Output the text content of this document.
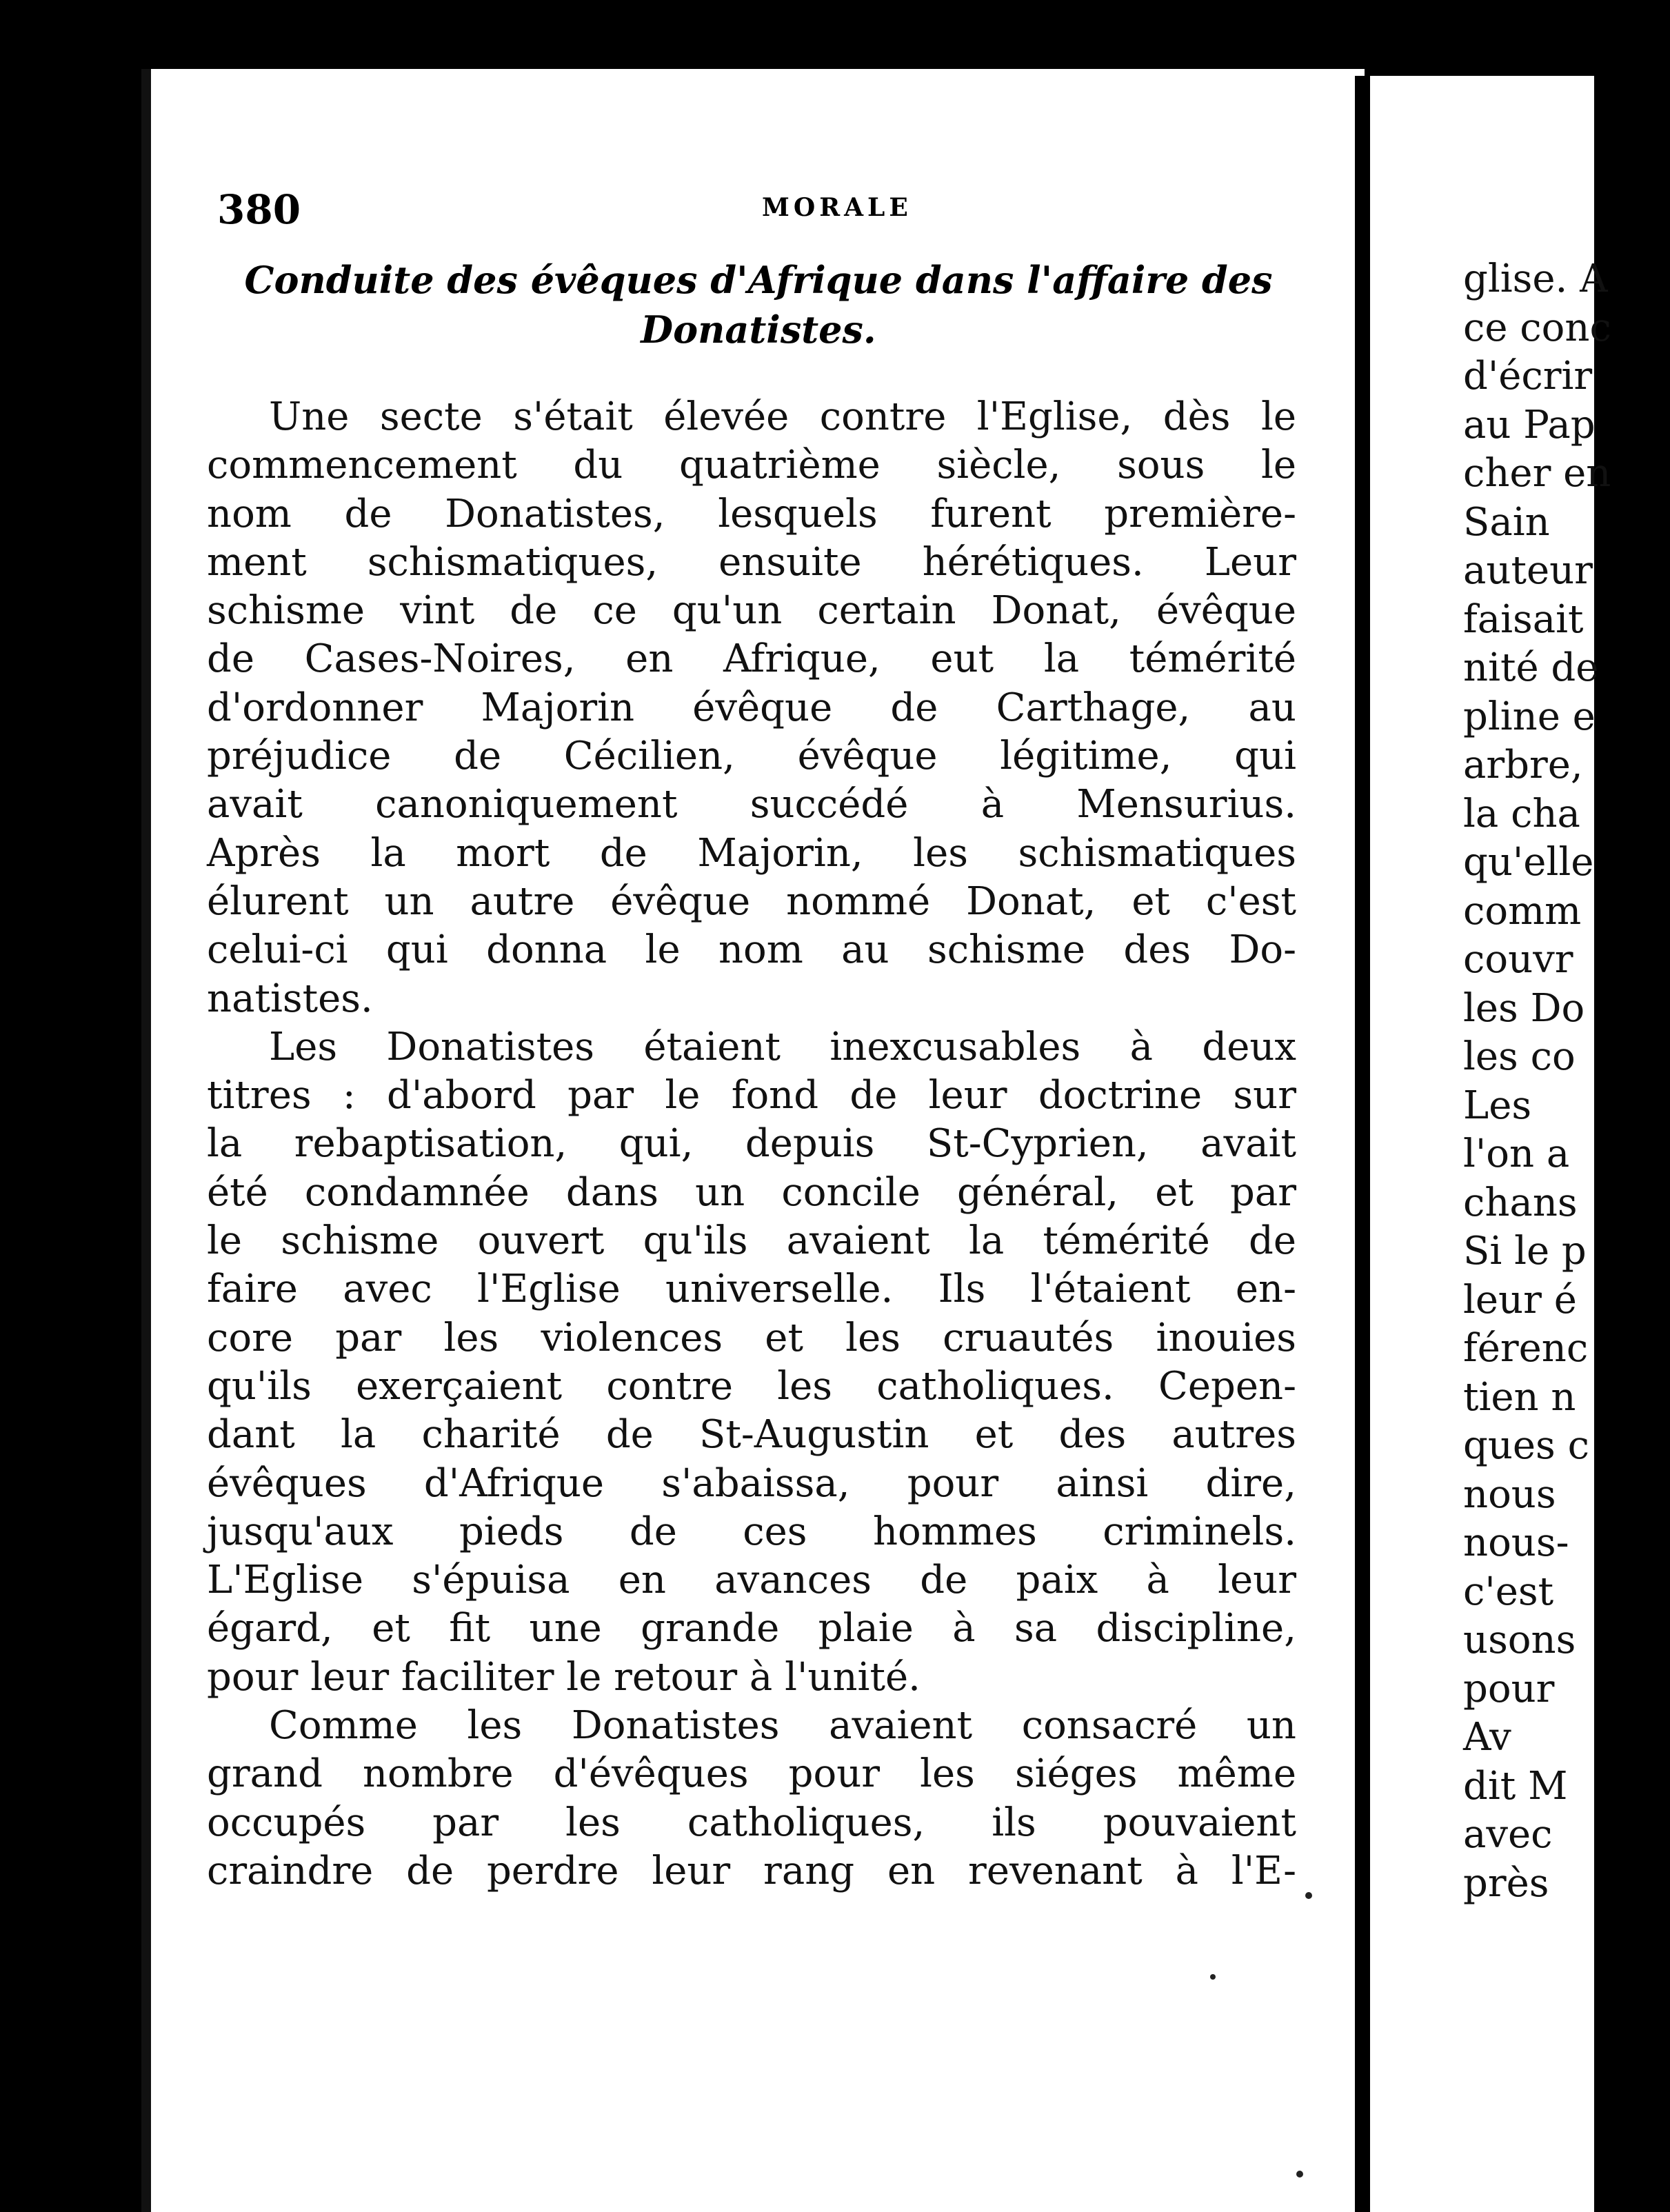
380	MORALE
Conduite des évêques d'Afrique dans l'affaire des
Donatistes.
Une secte s'était élevée contre l'Eglise, dès le
commencement du quatrième siècle, sous le
nom de Donatistes, lesquels furent première-
ment schismatiques, ensuite hérétiques. Leur
schisme vint de ce qu'un certain Donat, évêque
de Cases-Noires, en Afrique, eut la témérité
d'ordonner Majorin évêque de Carthage, au
préjudice de Cécilien, évêque légitime, qui
avait canoniquement succédé à Mensurius.
Après la mort de Majorin, les schismatiques
élurent un autre évêque nommé Donat, et c'est
celui-ci qui donna le nom au schisme des Do-
natistes.
Les Donatistes étaient inexcusables à deux
titres : d'abord par le fond de leur doctrine sur
la rebaptisation, qui, depuis St-Cyprien, avait
été condamnée dans un concile général, et par
le schisme ouvert qu'ils avaient la témérité de
faire avec l'Eglise universelle. Ils l'étaient en-
core par les violences et les cruautés inouies
qu'ils exerçaient contre les catholiques. Cepen-
dant la charité de St-Augustin et des autres
évêques d'Afrique s'abaissa, pour ainsi dire,
jusqu'aux pieds de ces hommes criminels.
L'Eglise s'épuisa en avances de paix à leur
égard, et fit une grande plaie à sa discipline,
pour leur faciliter le retour à l'unité.
Comme les Donatistes avaient consacré un
grand nombre d'évêques pour les siéges même
occupés par les catholiques, ils pouvaient
craindre de perdre leur rang en revenant à l'E-
glise. A
ce conc
d'écrir
au Pap
cher en
Sain
auteur
faisait
nité de
pline e
arbre,
la cha
qu'elle
comm
couvr
les Do
les co
Les
l'on a
chans
Si le p
leur é
férenc
tien n
ques c
nous
nous-
c'est
usons
pour
Av
dit M
avec
près
